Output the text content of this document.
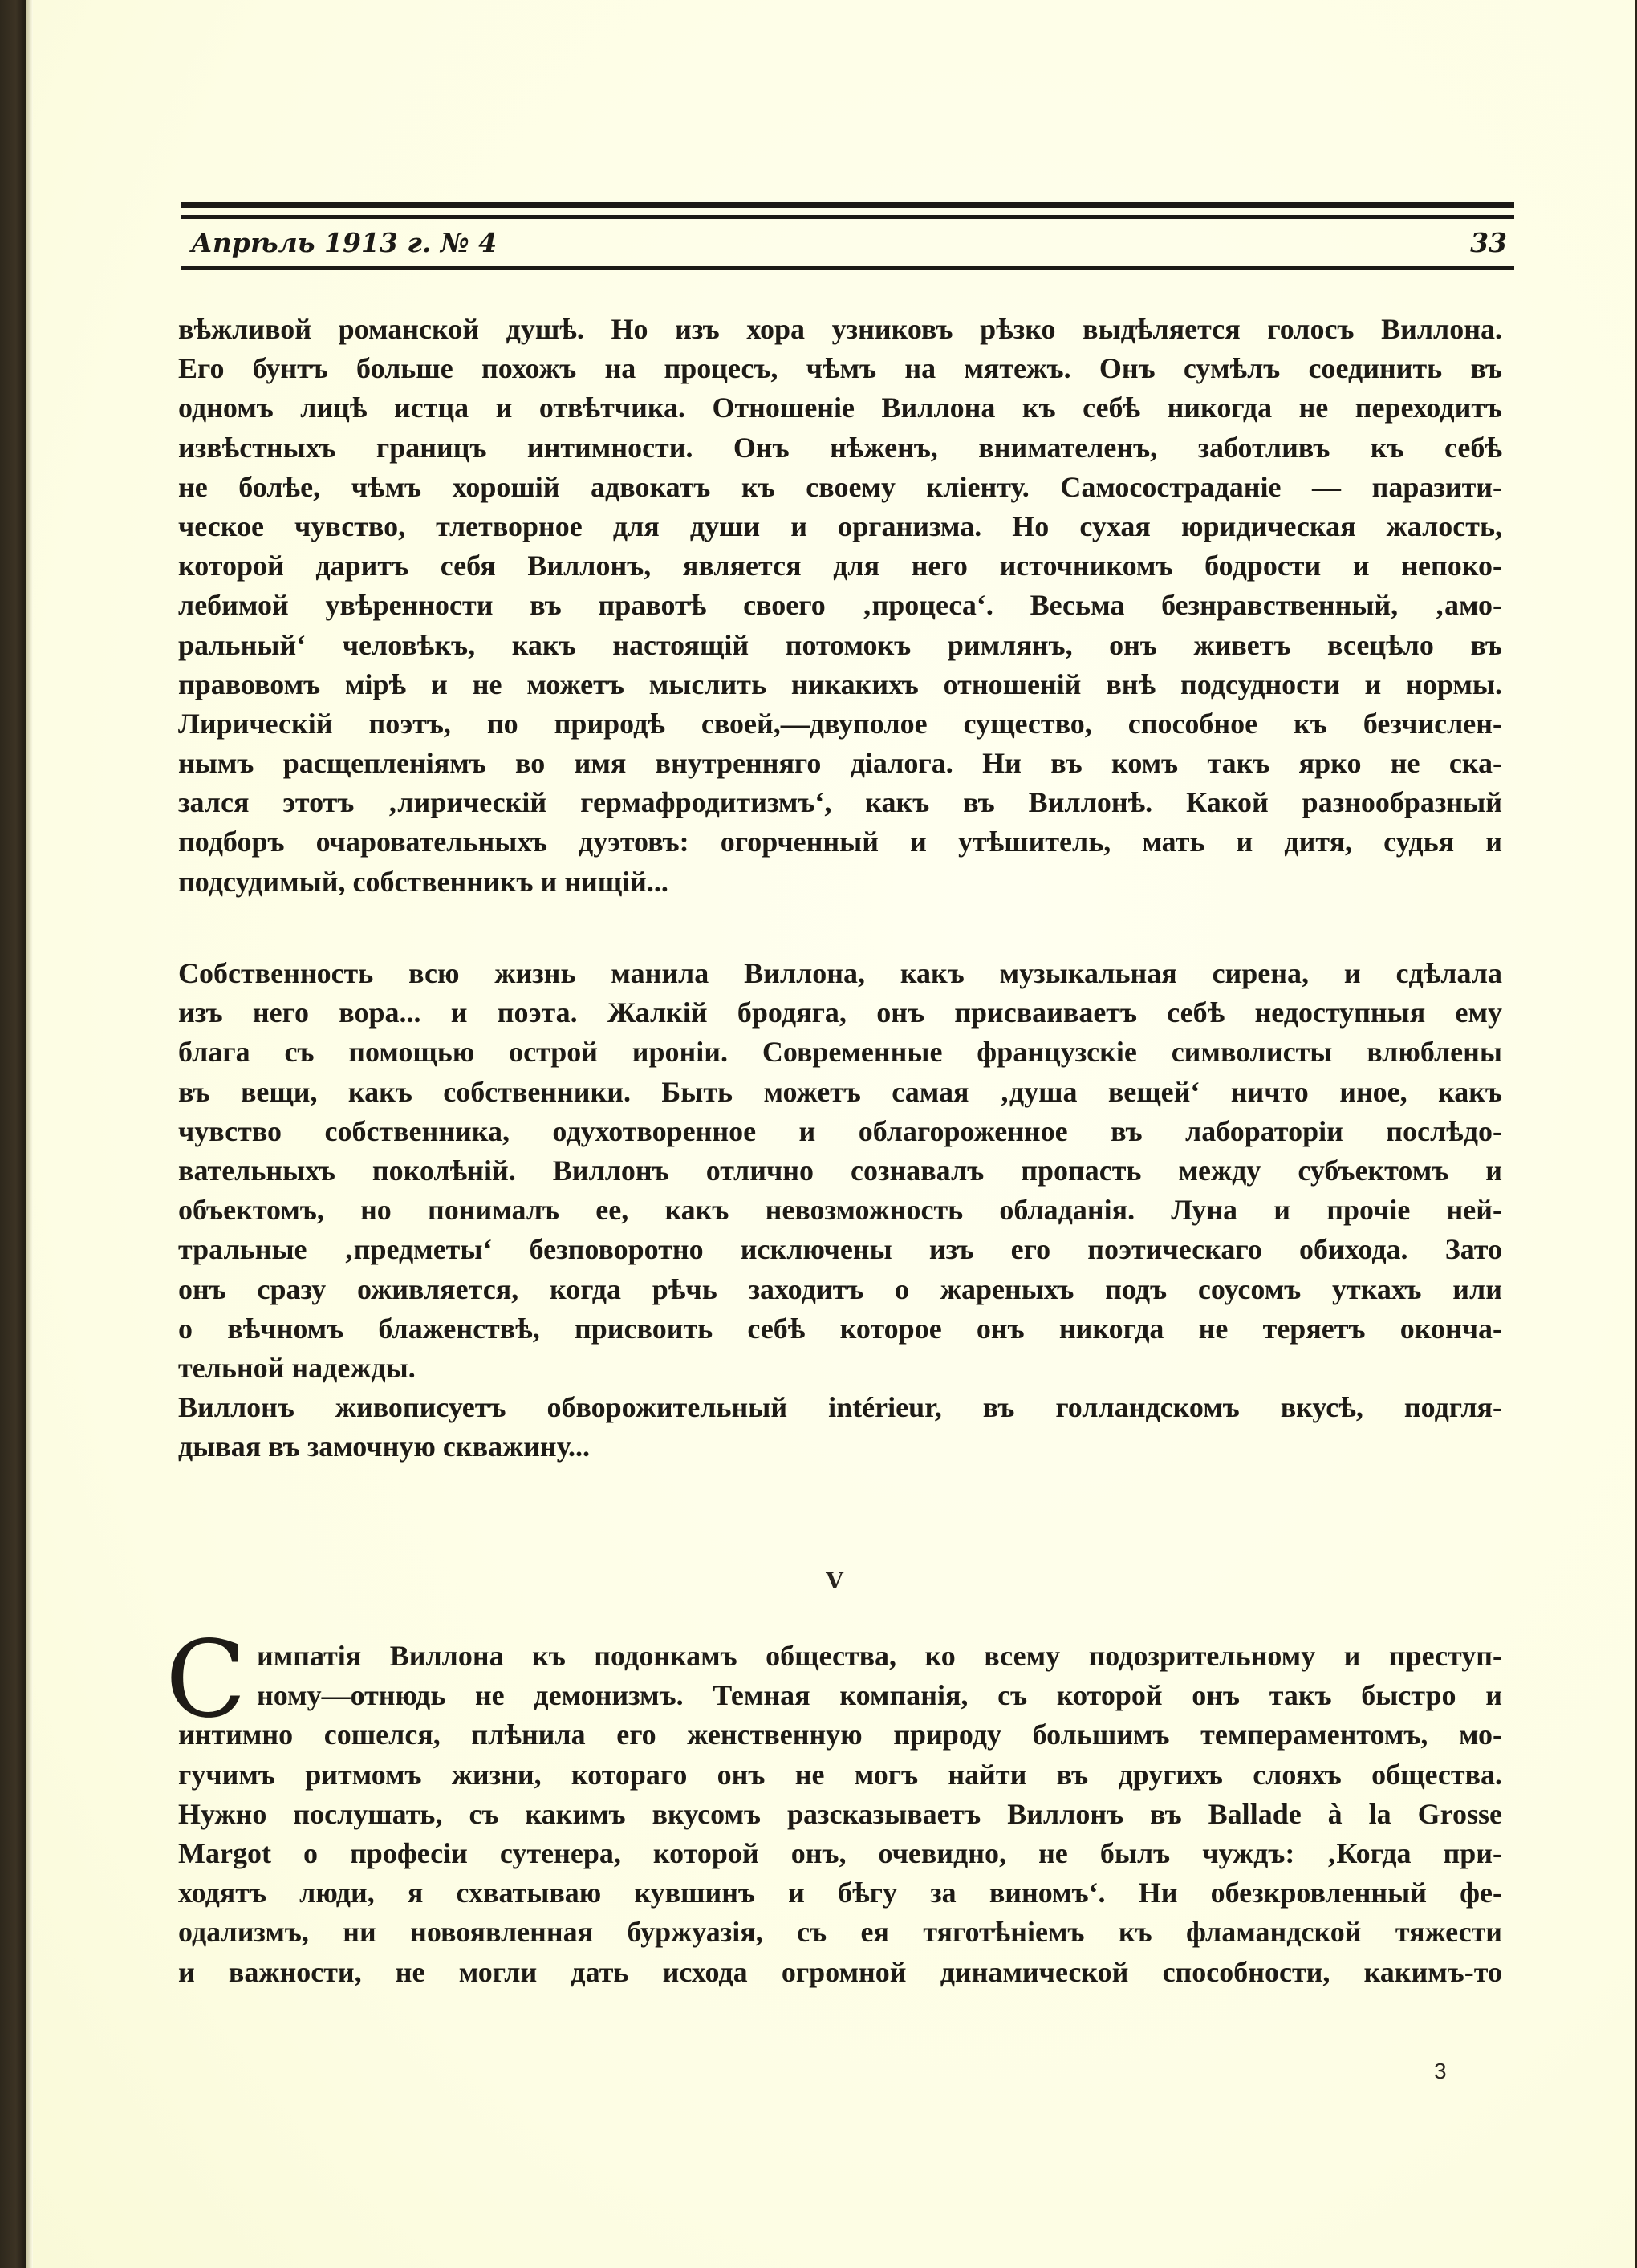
Апрѣль 1913 г. № 4	33
вѣжливой романской душѣ. Но изъ хора узниковъ рѣзко выдѣляется голосъ Виллона.
Его бунтъ больше похожъ на процесъ, чѣмъ на мятежъ. Онъ сумѣлъ соединить въ
одномъ лицѣ истца и отвѣтчика. Отношеніе Виллона къ себѣ никогда не переходитъ
извѣстныхъ границъ интимности. Онъ нѣженъ, внимателенъ, заботливъ къ себѣ
не болѣе, чѣмъ хорошій адвокатъ къ своему кліенту. Самосостраданіе — паразити-
ческое чувство, тлетворное для души и организма. Но сухая юридическая жалость,
которой даритъ себя Виллонъ, является для него источникомъ бодрости и непоко-
лебимой увѣренности въ правотѣ своего ‚процеса‘. Весьма безнравственный, ‚амо-
ральный‘ человѣкъ, какъ настоящій потомокъ римлянъ, онъ живетъ всецѣло въ
правовомъ мірѣ и не можетъ мыслить никакихъ отношеній внѣ подсудности и нормы.
Лирическій поэтъ, по природѣ своей,—двуполое существо, способное къ безчислен-
нымъ расщепленіямъ во имя внутренняго діалога. Ни въ комъ такъ ярко не ска-
зался этотъ ‚лирическій гермафродитизмъ‘, какъ въ Виллонѣ. Какой разнообразный
подборъ очаровательныхъ дуэтовъ: огорченный и утѣшитель, мать и дитя, судья и
подсудимый, собственникъ и нищій...
Собственность всю жизнь манила Виллона, какъ музыкальная сирена, и сдѣлала
изъ него вора... и поэта. Жалкій бродяга, онъ присваиваетъ себѣ недоступныя ему
блага съ помощью острой ироніи. Современные французскіе символисты влюблены
въ вещи, какъ собственники. Быть можетъ самая ‚душа вещей‘ ничто иное, какъ
чувство собственника, одухотворенное и облагороженное въ лабораторіи послѣдо-
вательныхъ поколѣній. Виллонъ отлично сознавалъ пропасть между субъектомъ и
объектомъ, но понималъ ее, какъ невозможность обладанія. Луна и прочіе ней-
тральные ‚предметы‘ безповоротно исключены изъ его поэтическаго обихода. Зато
онъ сразу оживляется, когда рѣчь заходитъ о жареныхъ подъ соусомъ уткахъ или
о вѣчномъ блаженствѣ, присвоить себѣ которое онъ никогда не теряетъ оконча-
тельной надежды.
Виллонъ живописуетъ обворожительный intérieur, въ голландскомъ вкусѣ, подгля-
дывая въ замочную скважину...
V
С импатія Виллона къ подонкамъ общества, ко всему подозрительному и преступ-
ному—отнюдь не демонизмъ. Темная компанія, съ которой онъ такъ быстро и
интимно сошелся, плѣнила его женственную природу большимъ темпераментомъ, мо-
гучимъ ритмомъ жизни, котораго онъ не могъ найти въ другихъ слояхъ общества.
Нужно послушать, съ какимъ вкусомъ разсказываетъ Виллонъ въ Ballade à la Grosse
Margot о професіи сутенера, которой онъ, очевидно, не былъ чуждъ: ‚Когда при-
ходятъ люди, я схватываю кувшинъ и бѣгу за виномъ‘. Ни обезкровленный фе-
одализмъ, ни новоявленная буржуазія, съ ея тяготѣніемъ къ фламандской тяжести
и важности, не могли дать исхода огромной динамической способности, какимъ-то
3
